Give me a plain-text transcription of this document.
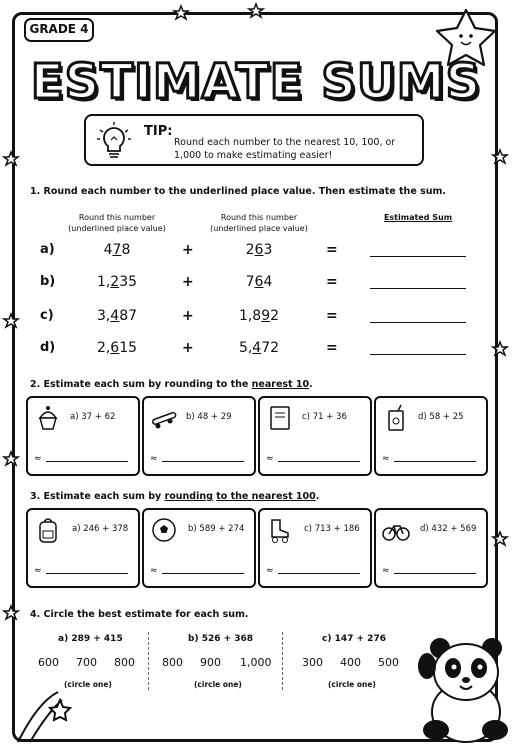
GRADE 4
ESTIMATE SUMS
TIP:
Round each number to the nearest 10, 100, or 1,000 to make estimating easier!
1. Round each number to the underlined place value. Then estimate the sum.
Round this number
(underlined place value)
Round this number
(underlined place value)
Estimated Sum
a)	478	+	263	=
b)	1,235	+	764	=
c)	3,487	+	1,892	=
d)	2,615	+	5,472	=
2. Estimate each sum by rounding to the nearest 10.
a) 37 + 62
≈
b) 48 + 29
≈
c) 71 + 36
≈
d) 58 + 25
≈
3. Estimate each sum by rounding to the nearest 100.
a) 246 + 378
≈
b) 589 + 274
≈
c) 713 + 186
≈
d) 432 + 569
≈
4. Circle the best estimate for each sum.
a) 289 + 415
600 700 800
(circle one)
b) 526 + 368
800 900 1,000
(circle one)
c) 147 + 276
300 400 500
(circle one)
